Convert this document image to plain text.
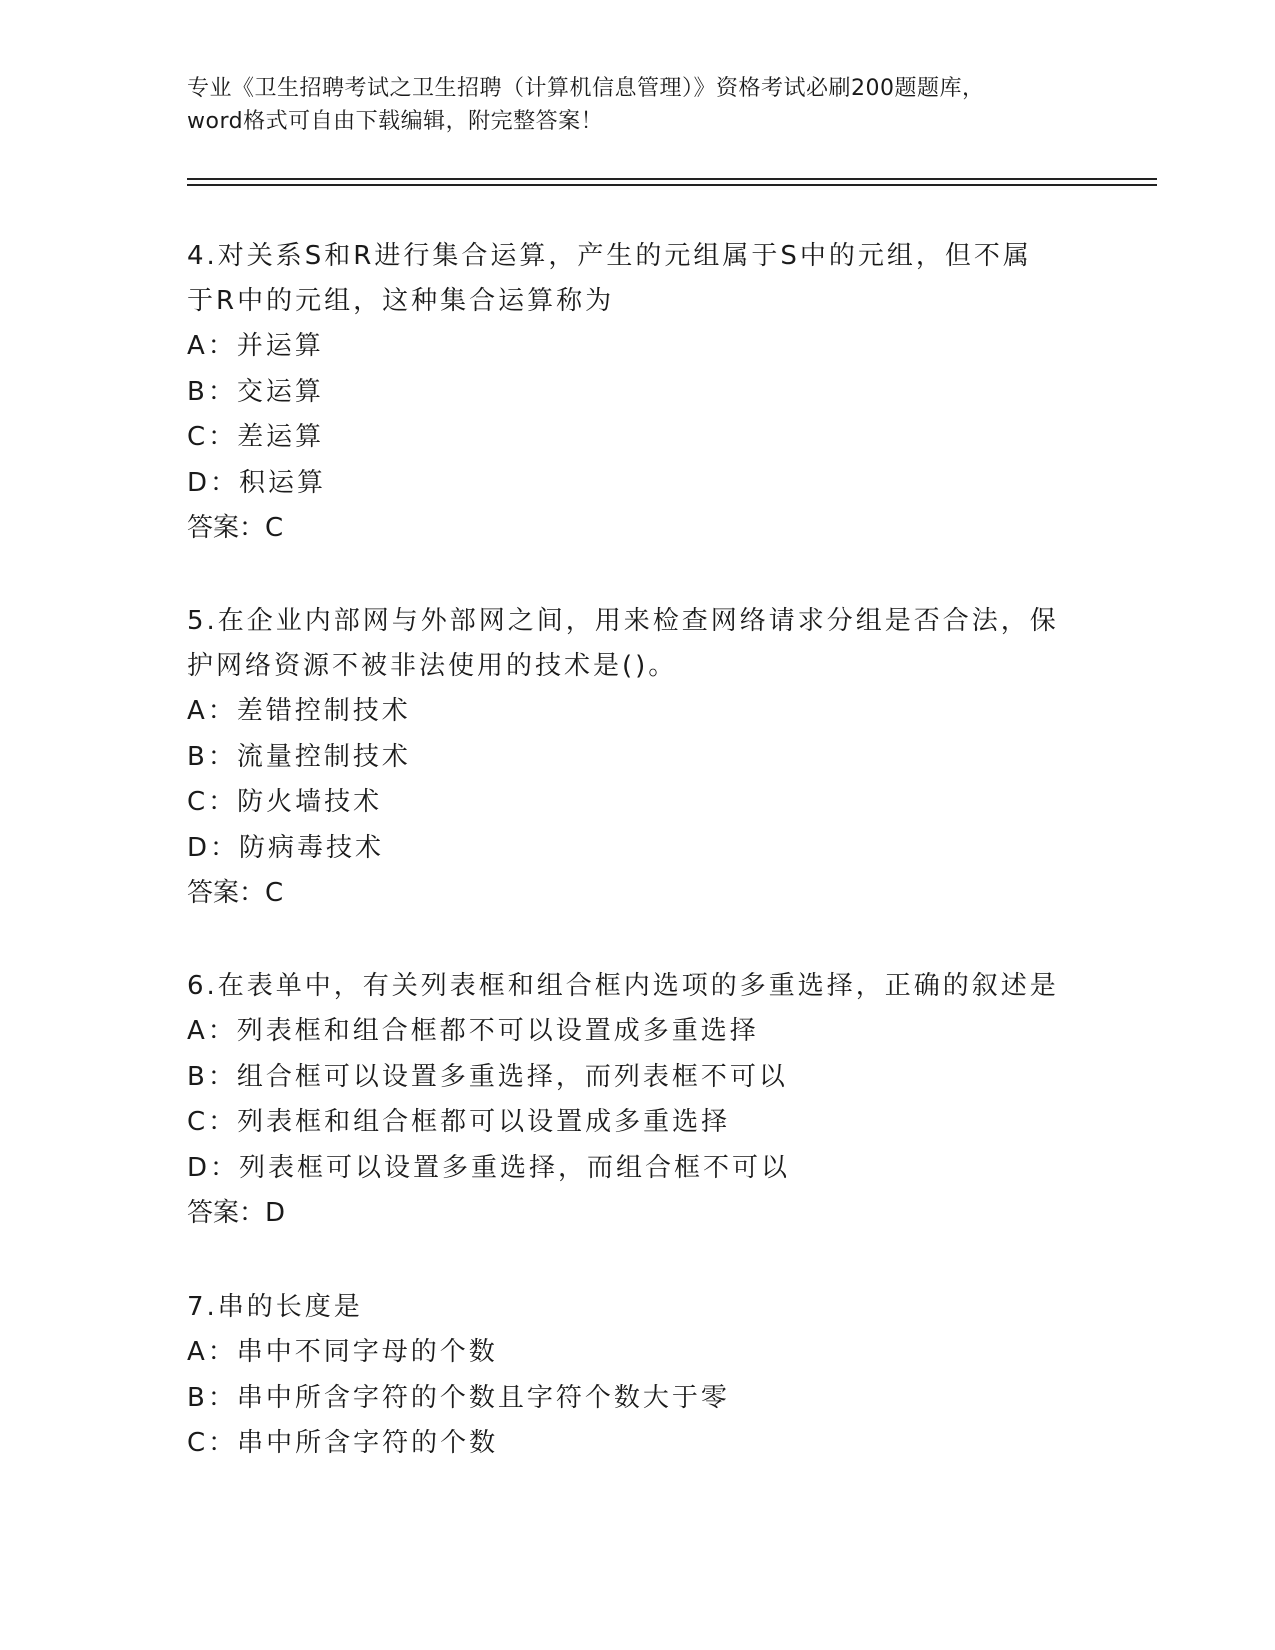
专业《卫生招聘考试之卫生招聘（计算机信息管理）》资格考试必刷200题题库，
word格式可自由下载编辑，附完整答案！
4.对关系S和R进行集合运算，产生的元组属于S中的元组，但不属
于R中的元组，这种集合运算称为
A：并运算
B：交运算
C：差运算
D：积运算
答案：C
5.在企业内部网与外部网之间，用来检查网络请求分组是否合法，保
护网络资源不被非法使用的技术是()。
A：差错控制技术
B：流量控制技术
C：防火墙技术
D：防病毒技术
答案：C
6.在表单中，有关列表框和组合框内选项的多重选择，正确的叙述是
A：列表框和组合框都不可以设置成多重选择
B：组合框可以设置多重选择，而列表框不可以
C：列表框和组合框都可以设置成多重选择
D：列表框可以设置多重选择，而组合框不可以
答案：D
7.串的长度是
A：串中不同字母的个数
B：串中所含字符的个数且字符个数大于零
C：串中所含字符的个数
